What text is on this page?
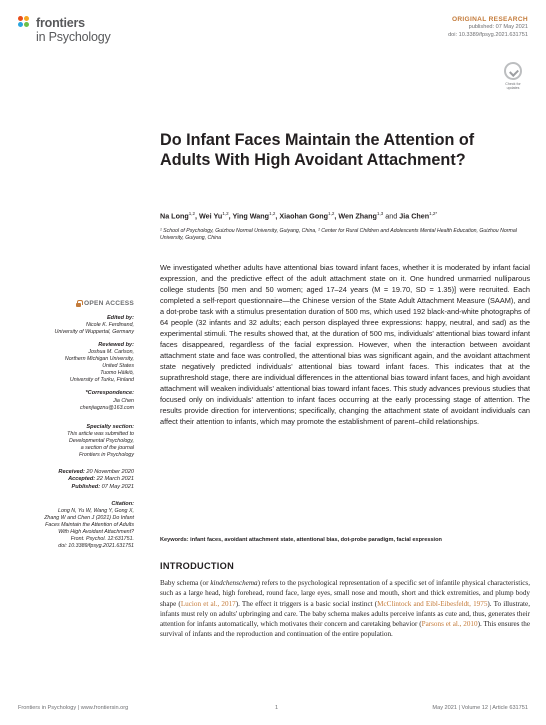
frontiers
in Psychology
ORIGINAL RESEARCH
published: 07 May 2021
doi: 10.3389/fpsyg.2021.631751
Check for updates
Do Infant Faces Maintain the Attention of Adults With High Avoidant Attachment?
Na Long$^{1,2}$, Wei Yu$^{1,2}$, Ying Wang$^{1,2}$, Xiaohan Gong$^{1,2}$, Wen Zhang$^{1,3}$ and Jia Chen$^{1,2*}$
¹ School of Psychology, Guizhou Normal University, Guiyang, China, ² Center for Rural Children and Adolescents Mental Health Education, Guizhou Normal University, Guiyang, China
We investigated whether adults have attentional bias toward infant faces, whether it is moderated by infant facial expression, and the predictive effect of the adult attachment state on it. One hundred unmarried nulliparous college students [50 men and 50 women; aged 17–24 years (M = 19.70, SD = 1.35)] were recruited. Each completed a self-report questionnaire—the Chinese version of the State Adult Attachment Measure (SAAM), and a dot-probe task with a stimulus presentation duration of 500 ms, which used 192 black-and-white photographs of 64 people (32 infants and 32 adults; each person displayed three expressions: happy, neutral, and sad) as the experimental stimuli. The results showed that, at the duration of 500 ms, individuals' attentional bias toward infant faces disappeared, regardless of the facial expression. However, when the interaction between avoidant attachment state and face was controlled, the attentional bias was significant again, and the avoidant attachment state negatively predicted individuals' attentional bias toward infant faces. This indicates that at the suprathreshold stage, there are individual differences in the attentional bias toward infant faces, and high avoidant attachment will weaken individuals' attentional bias toward infant faces. This study advances previous studies that focused only on individuals' attention to infant faces occurring at the early processing stage of attention. The results provide direction for interventions; specifically, changing the attachment state of avoidant individuals can affect their attention to infants, which may promote the establishment of parent–child relationships.
Keywords: infant faces, avoidant attachment state, attentional bias, dot-probe paradigm, facial expression
INTRODUCTION
Baby schema (or kindchenschema) refers to the psychological representation of a specific set of infantile physical characteristics, such as a large head, high forehead, round face, large eyes, small nose and mouth, short and thick extremities, and plump body shape (Lucion et al., 2017). The effect it triggers is a basic social instinct (McClintock and Eibl-Eibesfeldt, 1975). To illustrate, infants must rely on adults' upbringing and care. The baby schema makes adults perceive infants as cute and, thus, generates their attention for infants automatically, which motivates their concern and caretaking behavior (Parsons et al., 2010). This ensures the survival of infants and the reproduction and continuation of the entire population.
OPEN ACCESS
Edited by:
Nicole K. Ferdinand,
University of Wuppertal, Germany
Reviewed by:
Joshua M. Carlson,
Northern Michigan University,
United States
Tuomo Häikiö,
University of Turku, Finland
*Correspondence:
Jia Chen
chenjiagznu@163.com
Specialty section:
This article was submitted to
Developmental Psychology,
a section of the journal
Frontiers in Psychology
Received: 20 November 2020
Accepted: 22 March 2021
Published: 07 May 2021
Citation:
Long N, Yu W, Wang Y, Gong X,
Zhang W and Chen J (2021) Do Infant
Faces Maintain the Attention of Adults
With High Avoidant Attachment?
Front. Psychol. 12:631751.
doi: 10.3389/fpsyg.2021.631751
Frontiers in Psychology | www.frontiersin.org	1	May 2021 | Volume 12 | Article 631751
